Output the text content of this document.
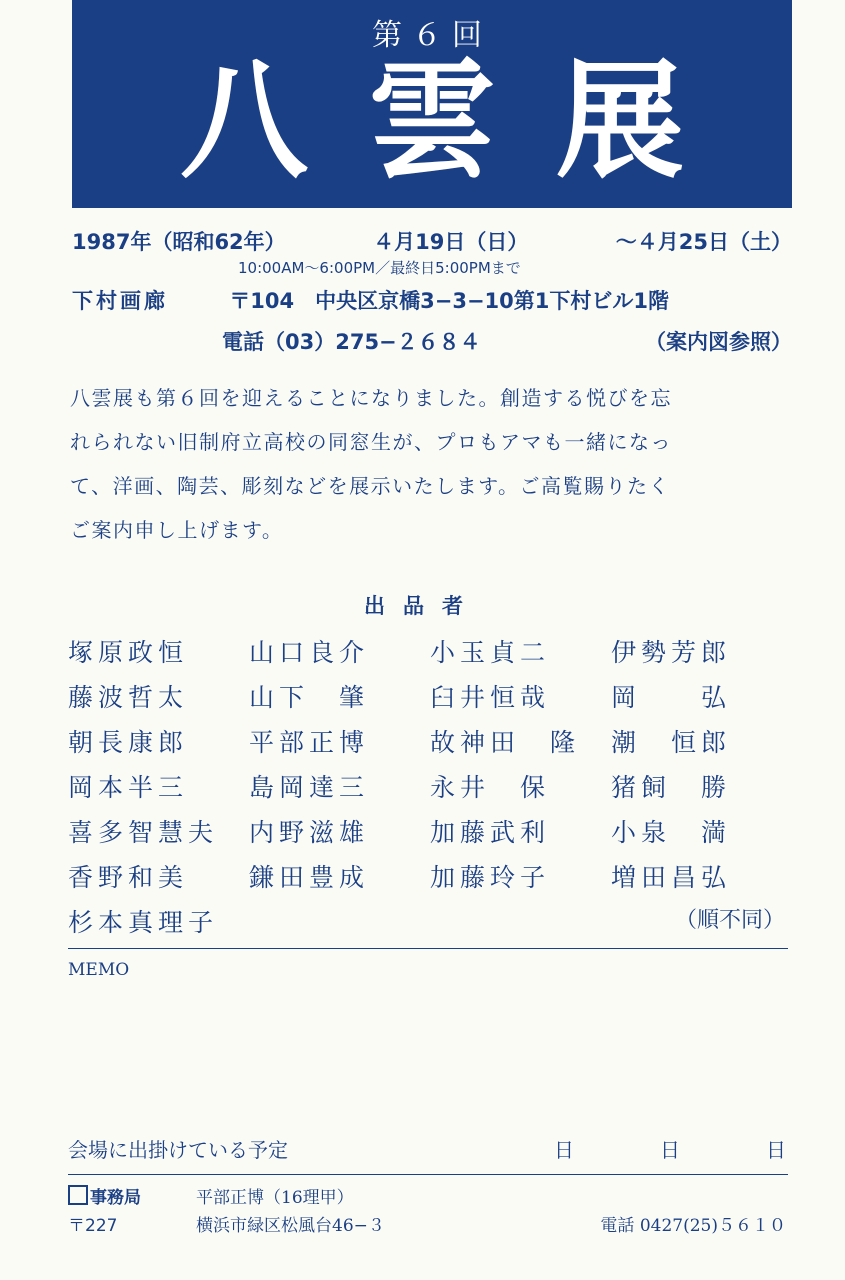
第６回
八雲展
1987年（昭和62年）	４月19日（日）	〜４月25日（土）
10:00AM〜6:00PM／最終日5:00PMまで
下村画廊	〒104　中央区京橋3−3−10第1下村ビル1階
電話（03）275−２６８４	（案内図参照）

八雲展も第６回を迎えることになりました。創造する悦びを忘

れられない旧制府立高校の同窓生が、プロもアマも一緒になっ

て、洋画、陶芸、彫刻などを展示いたします。ご高覧賜りたく

ご案内申し上げます。

出品者
塚原政恒	山口良介	小玉貞二	伊勢芳郎
藤波哲太	山下　肇	臼井恒哉	岡　　弘
朝長康郎	平部正博	故神田　隆	潮　恒郎
岡本半三	島岡達三	永井　保	猪飼　勝
喜多智慧夫	内野滋雄	加藤武利	小泉　満
香野和美	鎌田豊成	加藤玲子	増田昌弘
杉本真理子	（順不同）
MEMO
会場に出掛けている予定	日	日	日
事務局	平部正博（16理甲）
〒227	横浜市緑区松風台46−３	電話 0427(25)５６１０
